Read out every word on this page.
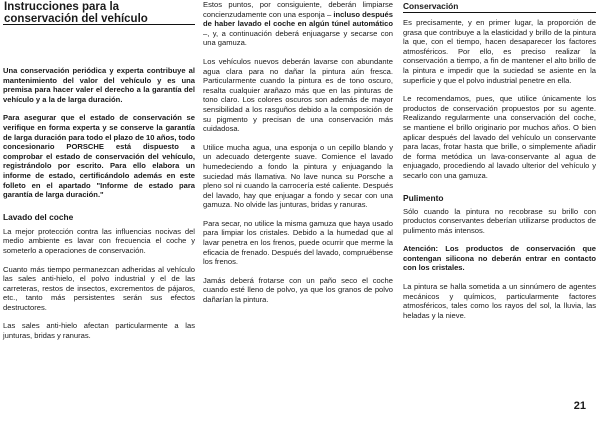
Instrucciones para la conservación del vehículo

Una conservación periódica y experta contribuye al mantenimiento del valor del vehículo y es una premisa para hacer valer el derecho a la garantía del vehículo y a la de larga duración.

Para asegurar que el estado de conservación se verifique en forma experta y se conserve la garantía de larga duración para todo el plazo de 10 años, todo concesionario PORSCHE está dispuesto a comprobar el estado de conservación del vehículo, registrándolo por escrito. Para ello elabora un informe de estado, certificándolo además en este folleto en el apartado "Informe de estado para garantía de larga duración."

Lavado del coche

La mejor protección contra las influencias nocivas del medio ambiente es lavar con frecuencia el coche y someterlo a operaciones de conservación.

Cuanto más tiempo permanezcan adheridas al vehículo las sales anti-hielo, el polvo industrial y el de las carreteras, restos de insectos, excrementos de pájaros, etc., tanto más persistentes serán sus efectos destructores.

Las sales anti-hielo afectan particularmente a las junturas, bridas y ranuras.

Estos puntos, por consiguiente, deberán limpiarse concienzudamente con una esponja – incluso después de haber lavado el coche en algún túnel automático –, y, a continuación deberá enjuagarse y secarse con una gamuza.

Los vehículos nuevos deberán lavarse con abundante agua clara para no dañar la pintura aún fresca. Particularmente cuando la pintura es de tono oscuro, resalta cualquier arañazo más que en las pinturas de tono claro. Los colores oscuros son además de mayor sensibilidad a los rasguños debido a la composición de su pigmento y precisan de una conservación más cuidadosa.

Utilice mucha agua, una esponja o un cepillo blando y un adecuado detergente suave. Comience el lavado humedeciendo a fondo la pintura y enjuagando la suciedad más llamativa. No lave nunca su Porsche a pleno sol ni cuando la carrocería esté caliente. Después del lavado, hay que enjuagar a fondo y secar con una gamuza. No olvide las junturas, bridas y ranuras.

Para secar, no utilice la misma gamuza que haya usado para limpiar los cristales. Debido a la humedad que al lavar penetra en los frenos, puede ocurrir que merme la eficacia de frenado. Después del lavado, compruébense los frenos.

Jamás deberá frotarse con un paño seco el coche cuando esté lleno de polvo, ya que los granos de polvo dañarían la pintura.

Conservación

Es precisamente, y en primer lugar, la proporción de grasa que contribuye a la elasticidad y brillo de la pintura la que, con el tiempo, hacen desaparecer los factores atmosféricos. Por ello, es preciso realizar la conservación a tiempo, a fin de mantener el alto brillo de la pintura e impedir que la suciedad se asiente en la superficie y que el polvo industrial penetre en ella.

Le recomendamos, pues, que utilice únicamente los productos de conservación propuestos por su agente. Realizando regularmente una conservación del coche, se mantiene el brillo originario por muchos años. O bien aplicar después del lavado del vehículo un conservante para lacas, frotar hasta que brille, o simplemente añadir de forma metódica un lava-conservante al agua de enjuagado, procediendo al lavado ulterior del vehículo y secarlo con una gamuza.

Pulimento

Sólo cuando la pintura no recobrase su brillo con productos conservantes deberían utilizarse productos de pulimento más intensos.

Atención: Los productos de conservación que contengan silicona no deberán entrar en contacto con los cristales.

La pintura se halla sometida a un sinnúmero de agentes mecánicos y químicos, particularmente factores atmosféricos, tales como los rayos del sol, la lluvia, las heladas y la nieve.

21
